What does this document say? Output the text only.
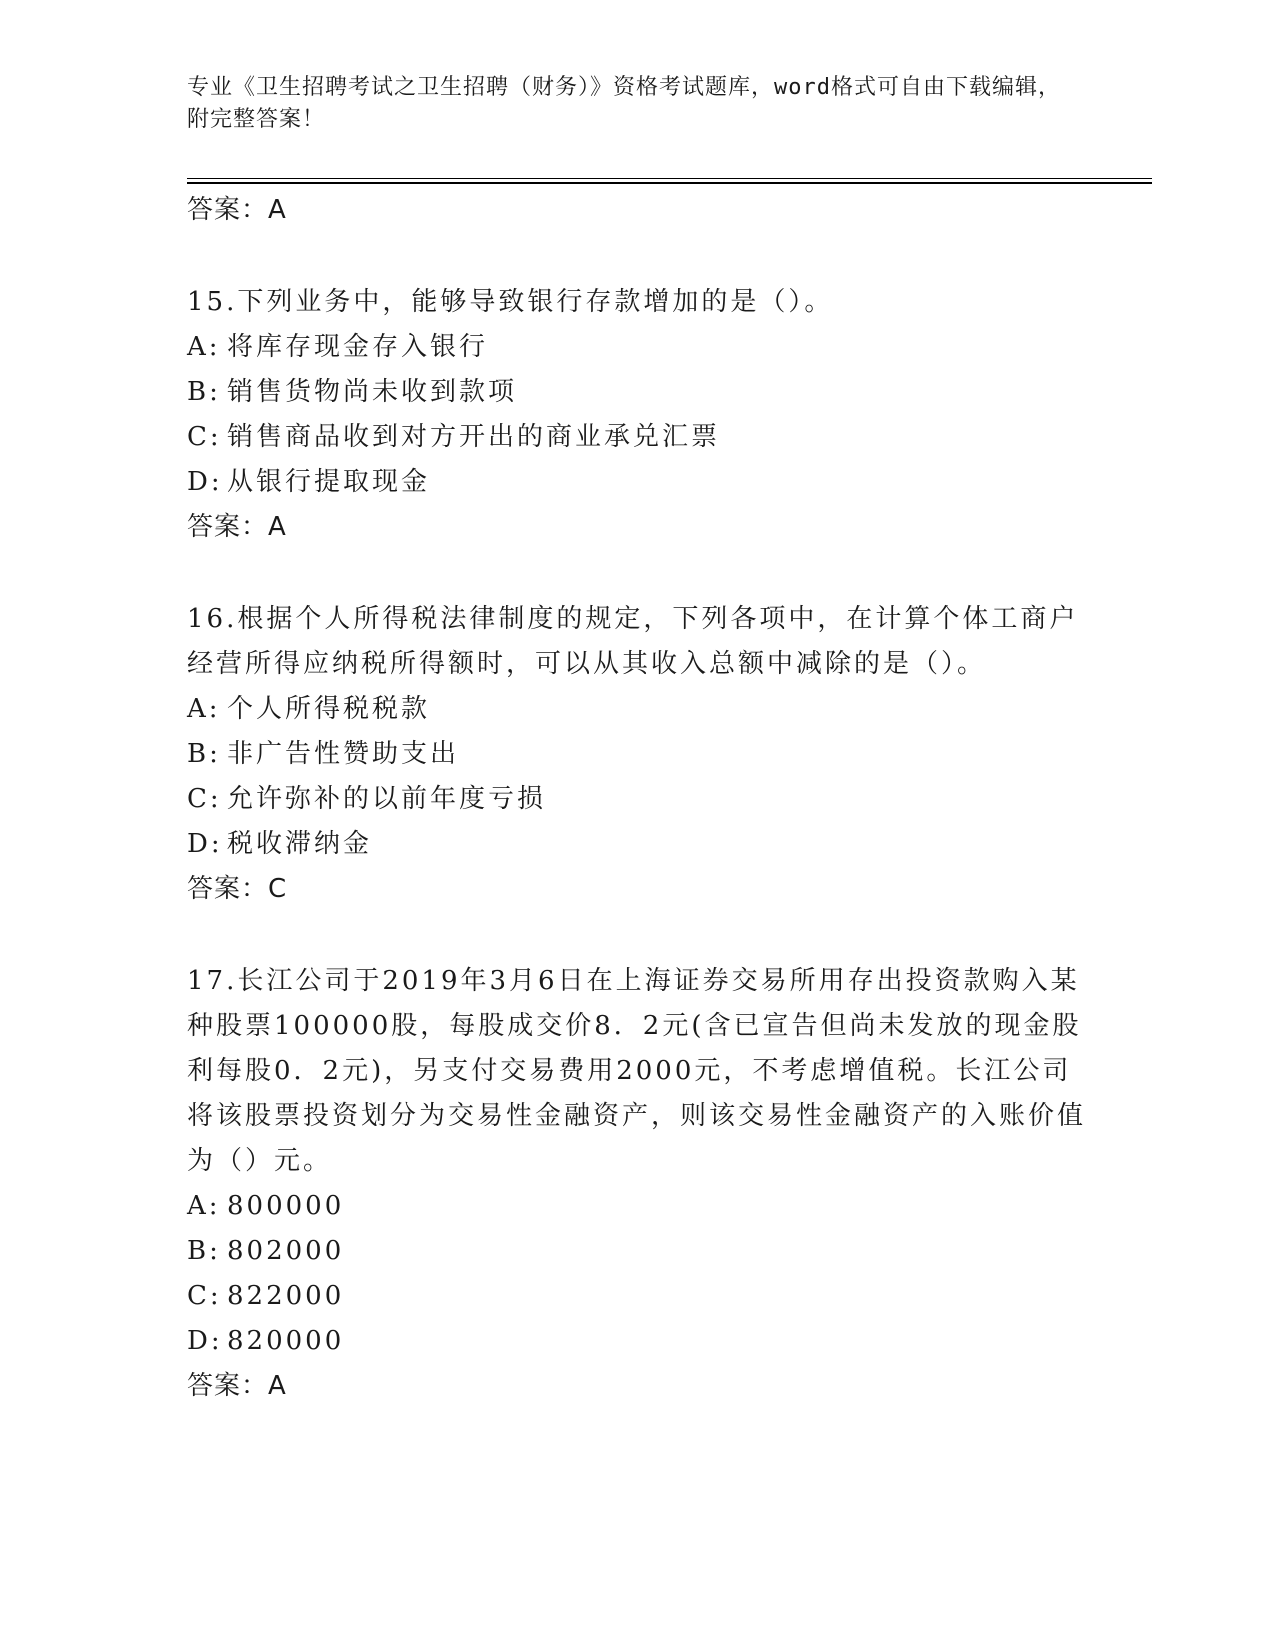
专业《卫生招聘考试之卫生招聘（财务）》资格考试题库，word格式可自由下载编辑，附完整答案！
答案：A

15.下列业务中，能够导致银行存款增加的是（）。

A: 将库存现金存入银行
B: 销售货物尚未收到款项
C: 销售商品收到对方开出的商业承兑汇票
D: 从银行提取现金
答案：A

16.根据个人所得税法律制度的规定，下列各项中，在计算个体工商户经营所得应纳税所得额时，可以从其收入总额中减除的是（）。

A: 个人所得税税款
B: 非广告性赞助支出
C: 允许弥补的以前年度亏损
D: 税收滞纳金
答案：C

17.长江公司于2019年3月6日在上海证券交易所用存出投资款购入某种股票100000股，每股成交价8．2元(含已宣告但尚未发放的现金股利每股0．2元)，另支付交易费用2000元，不考虑增值税。长江公司将该股票投资划分为交易性金融资产，则该交易性金融资产的入账价值为（）元。

A: 800000
B: 802000
C: 822000
D: 820000
答案：A
